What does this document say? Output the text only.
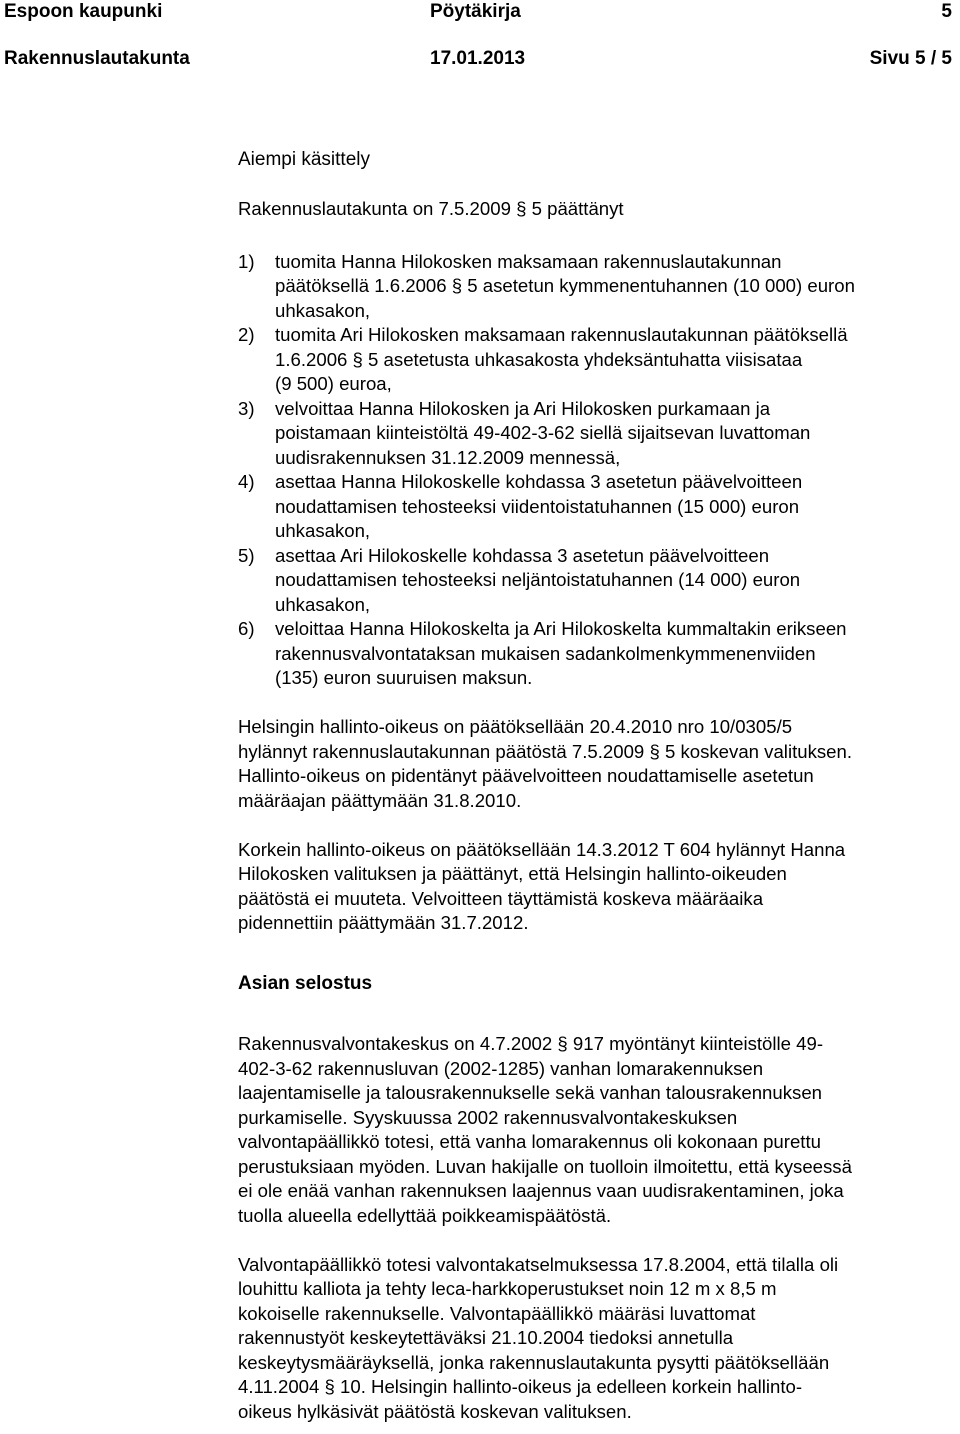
Espoon kaupunki	Pöytäkirja	5
Rakennuslautakunta	17.01.2013	Sivu 5 / 5

Aiempi käsittely

Rakennuslautakunta on 7.5.2009 § 5 päättänyt

1) tuomita Hanna Hilokosken maksamaan rakennuslautakunnan
päätöksellä 1.6.2006 § 5 asetetun kymmenentuhannen (10 000) euron
uhkasakon,
2) tuomita Ari Hilokosken maksamaan rakennuslautakunnan päätöksellä
1.6.2006 § 5 asetetusta uhkasakosta yhdeksäntuhatta viisisataa
(9 500) euroa,
3) velvoittaa Hanna Hilokosken ja Ari Hilokosken purkamaan ja
poistamaan kiinteistöltä 49-402-3-62 siellä sijaitsevan luvattoman
uudisrakennuksen 31.12.2009 mennessä,
4) asettaa Hanna Hilokoskelle kohdassa 3 asetetun päävelvoitteen
noudattamisen tehosteeksi viidentoistatuhannen (15 000) euron
uhkasakon,
5) asettaa Ari Hilokoskelle kohdassa 3 asetetun päävelvoitteen
noudattamisen tehosteeksi neljäntoistatuhannen (14 000) euron
uhkasakon,
6) veloittaa Hanna Hilokoskelta ja Ari Hilokoskelta kummaltakin erikseen
rakennusvalvontataksan mukaisen sadankolmenkymmenenviiden
(135) euron suuruisen maksun.

Helsingin hallinto-oikeus on päätöksellään 20.4.2010 nro 10/0305/5

hylännyt rakennuslautakunnan päätöstä 7.5.2009 § 5 koskevan valituksen.

Hallinto-oikeus on pidentänyt päävelvoitteen noudattamiselle asetetun

määräajan päättymään 31.8.2010.

Korkein hallinto-oikeus on päätöksellään 14.3.2012 T 604 hylännyt Hanna

Hilokosken valituksen ja päättänyt, että Helsingin hallinto-oikeuden

päätöstä ei muuteta. Velvoitteen täyttämistä koskeva määräaika

pidennettiin päättymään 31.7.2012.

Asian selostus

Rakennusvalvontakeskus on 4.7.2002 § 917 myöntänyt kiinteistölle 49-

402-3-62 rakennusluvan (2002-1285) vanhan lomarakennuksen

laajentamiselle ja talousrakennukselle sekä vanhan talousrakennuksen

purkamiselle. Syyskuussa 2002 rakennusvalvontakeskuksen

valvontapäällikkö totesi, että vanha lomarakennus oli kokonaan purettu

perustuksiaan myöden. Luvan hakijalle on tuolloin ilmoitettu, että kyseessä

ei ole enää vanhan rakennuksen laajennus vaan uudisrakentaminen, joka

tuolla alueella edellyttää poikkeamispäätöstä.

Valvontapäällikkö totesi valvontakatselmuksessa 17.8.2004, että tilalla oli

louhittu kalliota ja tehty leca-harkkoperustukset noin 12 m x 8,5 m

kokoiselle rakennukselle. Valvontapäällikkö määräsi luvattomat

rakennustyöt keskeytettäväksi 21.10.2004 tiedoksi annetulla

keskeytysmääräyksellä, jonka rakennuslautakunta pysytti päätöksellään

4.11.2004 § 10. Helsingin hallinto-oikeus ja edelleen korkein hallinto-

oikeus hylkäsivät päätöstä koskevan valituksen.
